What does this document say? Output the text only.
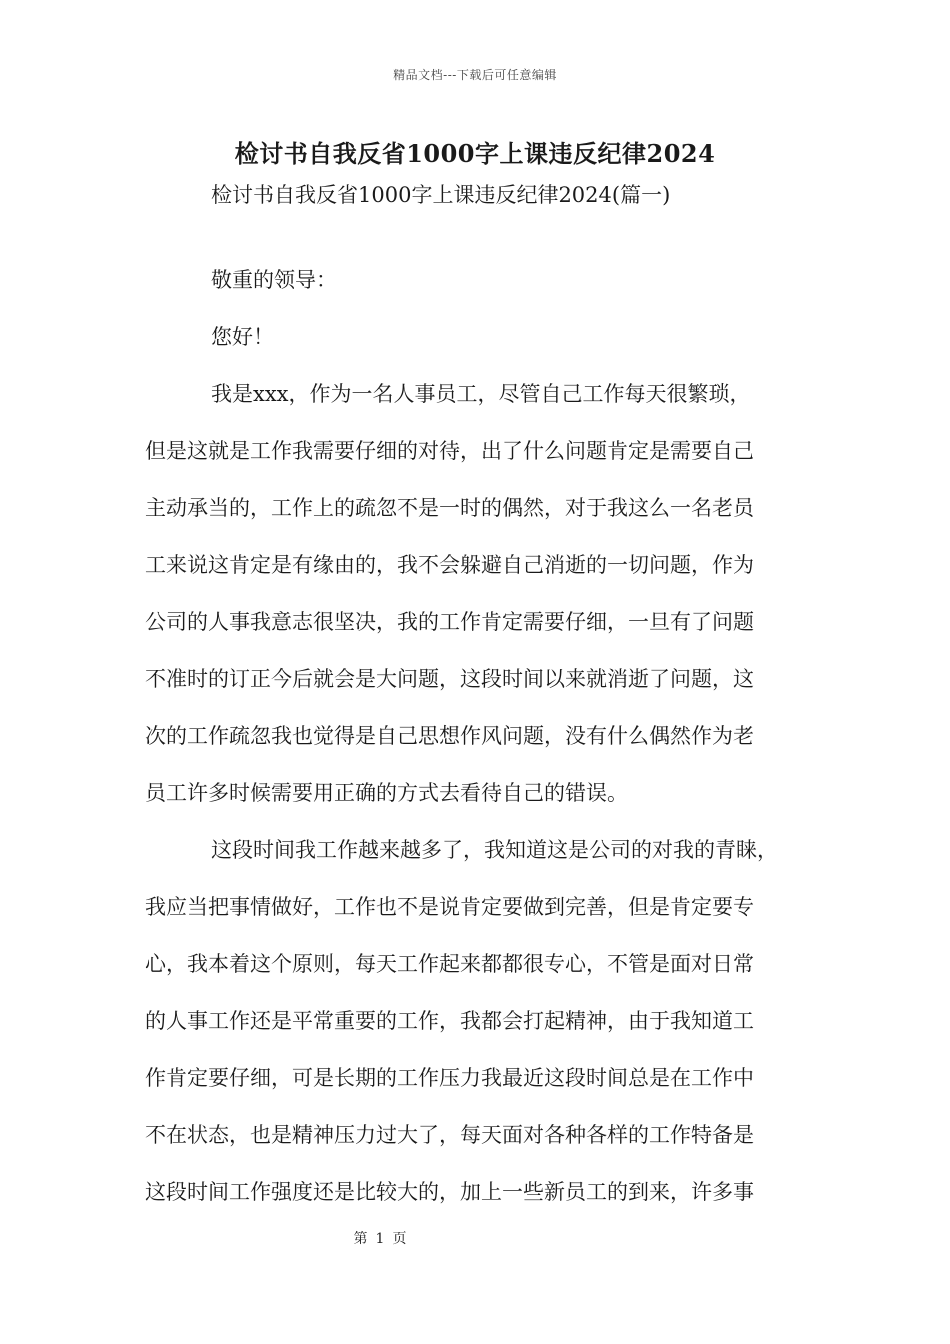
精品文档---下载后可任意编辑
检讨书自我反省1000字上课违反纪律2024
检讨书自我反省1000字上课违反纪律2024(篇一)
敬重的领导：
您好！
我是xxx，作为一名人事员工，尽管自己工作每天很繁琐，
但是这就是工作我需要仔细的对待，出了什么问题肯定是需要自己
主动承当的，工作上的疏忽不是一时的偶然，对于我这么一名老员
工来说这肯定是有缘由的，我不会躲避自己消逝的一切问题，作为
公司的人事我意志很坚决，我的工作肯定需要仔细，一旦有了问题
不准时的订正今后就会是大问题，这段时间以来就消逝了问题，这
次的工作疏忽我也觉得是自己思想作风问题，没有什么偶然作为老
员工许多时候需要用正确的方式去看待自己的错误。
这段时间我工作越来越多了，我知道这是公司的对我的青睐，
我应当把事情做好，工作也不是说肯定要做到完善，但是肯定要专
心，我本着这个原则，每天工作起来都都很专心，不管是面对日常
的人事工作还是平常重要的工作，我都会打起精神，由于我知道工
作肯定要仔细，可是长期的工作压力我最近这段时间总是在工作中
不在状态，也是精神压力过大了，每天面对各种各样的工作特备是
这段时间工作强度还是比较大的，加上一些新员工的到来，许多事
第 1 页
